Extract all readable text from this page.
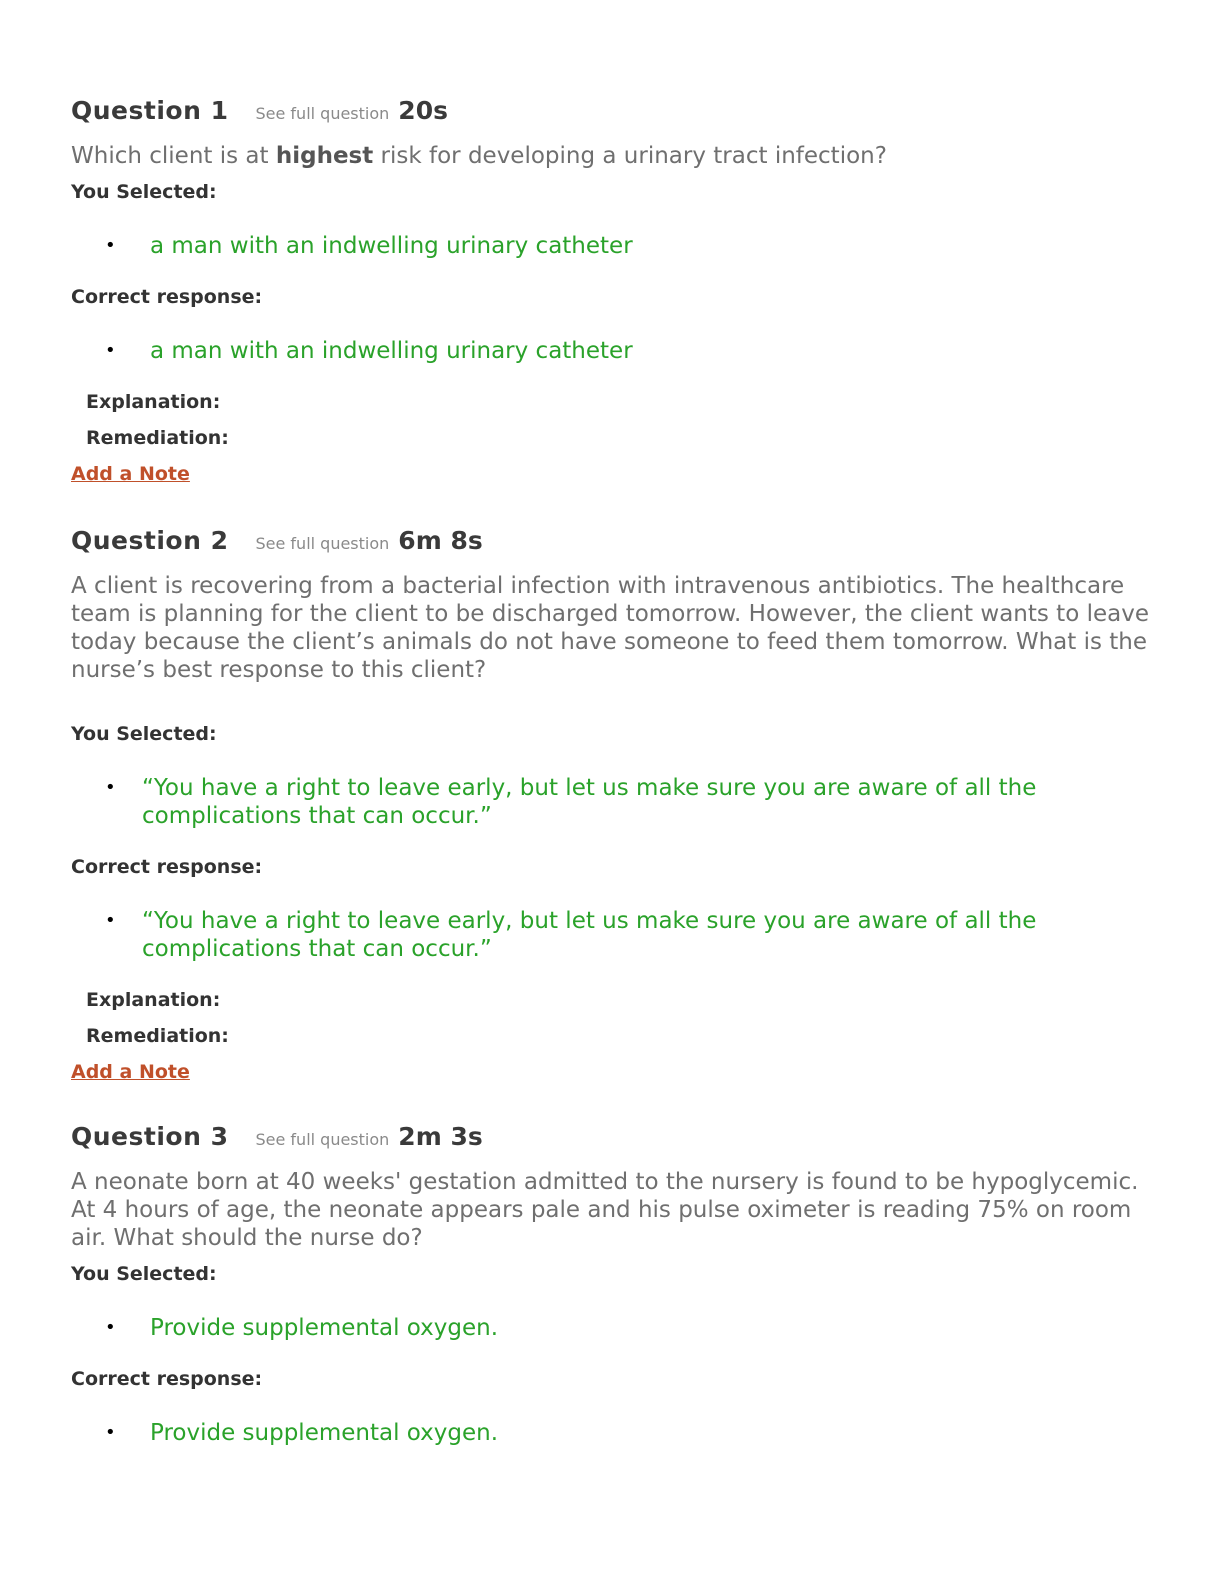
Question 1 See full question 20s

Which client is at highest risk for developing a urinary tract infection?

You Selected:

• a man with an indwelling urinary catheter

Correct response:

• a man with an indwelling urinary catheter

Explanation:

Remediation:

Add a Note
Question 2 See full question 6m 8s

A client is recovering from a bacterial infection with intravenous antibiotics. The healthcare team is planning for the client to be discharged tomorrow. However, the client wants to leave today because the client’s animals do not have someone to feed them tomorrow. What is the nurse’s best response to this client?

You Selected:

• “You have a right to leave early, but let us make sure you are aware of all the complications that can occur.”

Correct response:

• “You have a right to leave early, but let us make sure you are aware of all the complications that can occur.”

Explanation:

Remediation:

Add a Note
Question 3 See full question 2m 3s

A neonate born at 40 weeks' gestation admitted to the nursery is found to be hypoglycemic. At 4 hours of age, the neonate appears pale and his pulse oximeter is reading 75% on room air. What should the nurse do?

You Selected:

• Provide supplemental oxygen.

Correct response:

• Provide supplemental oxygen.
